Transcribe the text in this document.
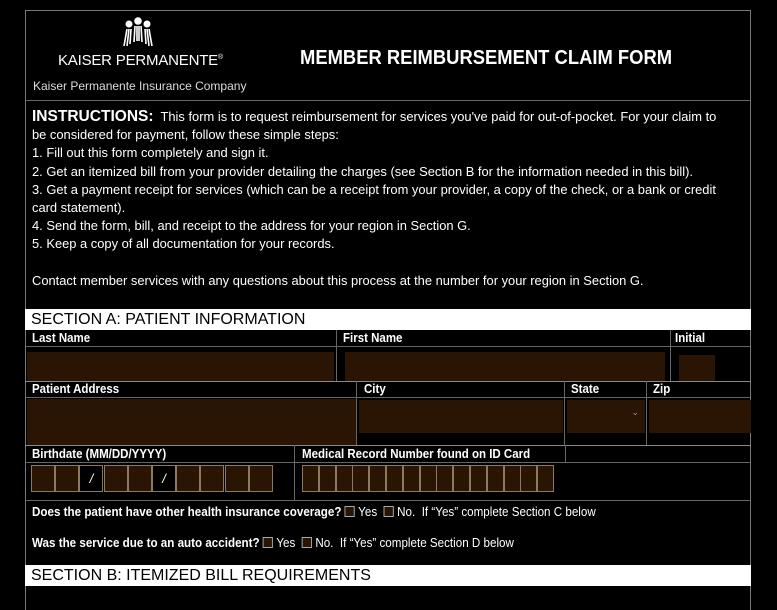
KAISER PERMANENTE®
Kaiser Permanente Insurance Company
MEMBER REIMBURSEMENT CLAIM FORM
INSTRUCTIONS: This form is to request reimbursement for services you've paid for out-of-pocket. For your claim to be considered for payment, follow these simple steps:
1. Fill out this form completely and sign it.
2. Get an itemized bill from your provider detailing the charges (see Section B for the information needed in this bill).
3. Get a payment receipt for services (which can be a receipt from your provider, a copy of the check, or a bank or credit card statement).
4. Send the form, bill, and receipt to the address for your region in Section G.
5. Keep a copy of all documentation for your records.
Contact member services with any questions about this process at the number for your region in Section G.
SECTION A: PATIENT INFORMATION
Last Name	First Name	Initial
Patient Address	City	State	Zip
⌄
Birthdate (MM/DD/YYYY)	Medical Record Number found on ID Card
/	/
Does the patient have other health insurance coverage? Yes No. If “Yes” complete Section C below
Was the service due to an auto accident? Yes No. If “Yes” complete Section D below
SECTION B: ITEMIZED BILL REQUIREMENTS
